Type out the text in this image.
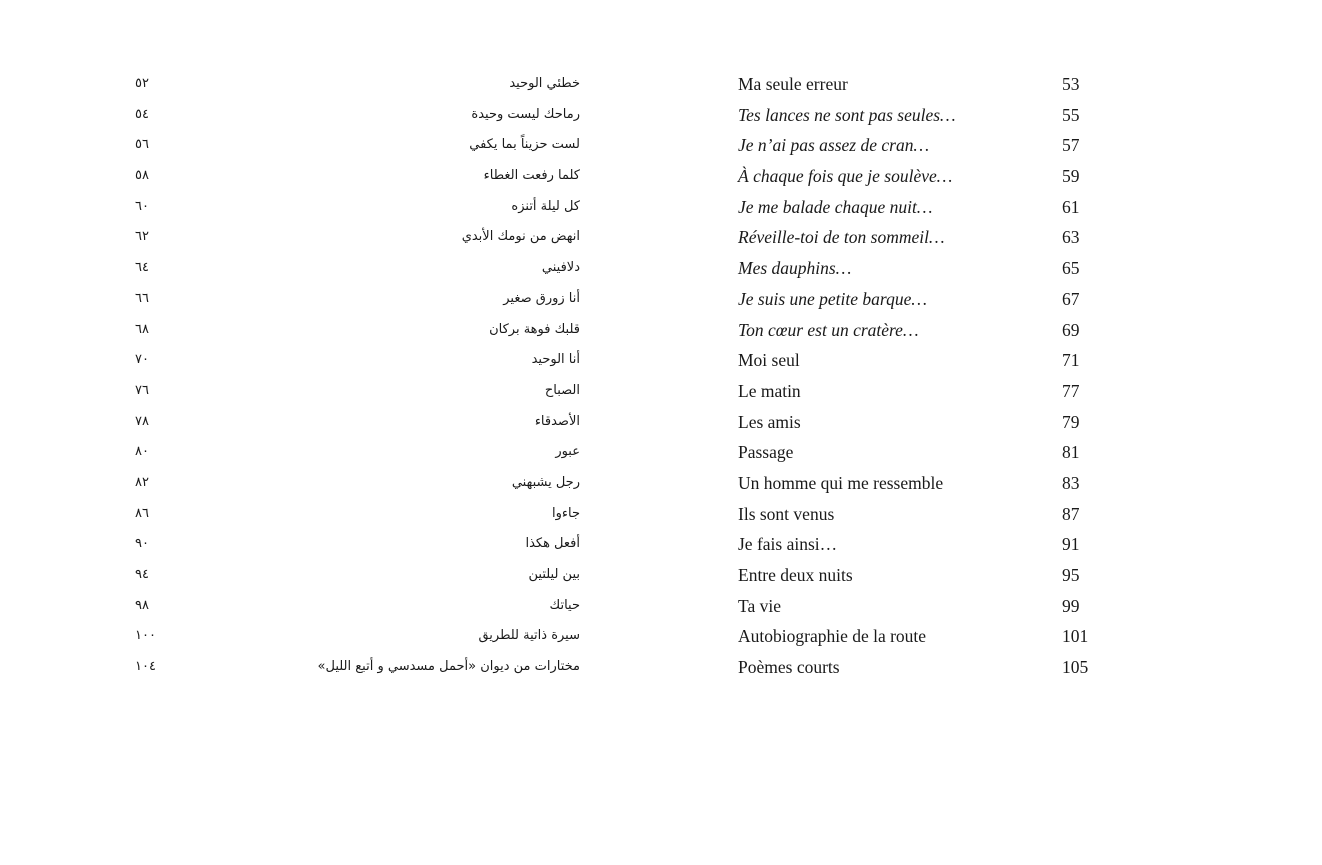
٥٢	خطئي الوحيد	Ma seule erreur	53
٥٤	رماحك ليست وحيدة	Tes lances ne sont pas seules…	55
٥٦	لست حزيناً بما يكفي	Je n’ai pas assez de cran…	57
٥٨	كلما رفعت الغطاء	À chaque fois que je soulève…	59
٦٠	كل ليلة أتنزه	Je me balade chaque nuit…	61
٦٢	انهض من نومك الأبدي	Réveille-toi de ton sommeil…	63
٦٤	دلافيني	Mes dauphins…	65
٦٦	أنا زورق صغير	Je suis une petite barque…	67
٦٨	قلبك فوهة بركان	Ton cœur est un cratère…	69
٧٠	أنا الوحيد	Moi seul	71
٧٦	الصباح	Le matin	77
٧٨	الأصدقاء	Les amis	79
٨٠	عبور	Passage	81
٨٢	رجل يشبهني	Un homme qui me ressemble	83
٨٦	جاءوا	Ils sont venus	87
٩٠	أفعل هكذا	Je fais ainsi…	91
٩٤	بين ليلتين	Entre deux nuits	95
٩٨	حياتك	Ta vie	99
١٠٠	سيرة ذاتية للطريق	Autobiographie de la route	101
١٠٤	مختارات من ديوان «أحمل مسدسي و أتبع الليل»	Poèmes courts	105
